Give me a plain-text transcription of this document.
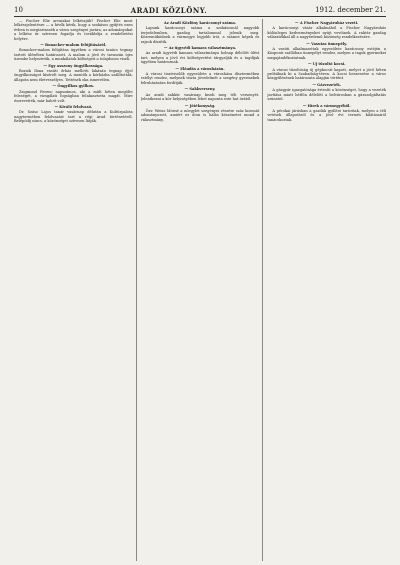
10	ARADI KÖZLÖNY.	1912. december 21.

— Fischer Elie arvaiakai lelkészjük? Fischer Elie most lelkészjelentésre — a hívők kérik, hogy a szokásos gyűjtés ezen évben is megtartassék a város szegényei javára, az adományokat a lelkész úr szívesen fogadja és továbbítja a rendeltetési helyére.

— Bonacker-malom felújításáról.

Bonacker-malom felújítása ügyében a városi tanács tegnap tartott ülésében határozott. A malom a jövő év tavaszán újra üzembe helyeztetik, a munkálatok költségeit a tulajdonos viseli.

— Egy asszony öngyilkossága.

Bozsik Ilona vasúti őrház melletti lakásán tegnap éjjel öngyilkosságot kísérelt meg. A mentők a kórházba szállították, állapota nem életveszélyes. Tettének oka ismeretlen.

— Öngyilkos gyilkos.

Zsigmond Ferenc napszámos, aki a múlt héten megölte feleségét, a vizsgálati fogságban felakasztotta magát. Mire észrevették, már halott volt.

— Kiváló felolvasó.

Dr. Szász Lajos tanár vasárnap délután a Kultúrpalota nagytermében felolvasást tart a régi Arad történetéről. Belépődíj nincs, a közönséget szívesen látják.

Az Aradi Közlöny karácsonyi száma.

Lapunk karácsonyi száma a szokásosnál nagyobb terjedelemben, gazdag tartalommal jelenik meg. Közreműködnek a vármegye legjobb írói, a számot képek és rajzok díszítik.

— Az ügyvédi kamara választmánya.

Az aradi ügyvédi kamara választmánya holnap délelőtt ülést tart, melyen a jövő évi költségvetést tárgyalják és a tagdíjak ügyében határoznak.

— Előadás a városházán.

A városi tisztviselők egyesülete a városháza dísztermében estélyt rendez, melynek tiszta jövedelmét a szegény gyermekek felruházására fordítják.

— Sakkverseny.

Az aradi sakkör vasárnap kezdi meg téli versenyét. Jelentkezni a kör helyiségében lehet naponta este hat órától.

— Jótékonyság.

Özv. Weisz Mórné a nőegylet szegényei részére száz koronát adományozott, amiért ez úton is hálás köszönetet mond a választmány.

— A Fischer Nagyáruház vezeti.

A karácsonyi vásár alkalmából a Fischer Nagyáruház különleges kedvezményeket nyújt vevőinek. A raktár gazdag választékkal áll a nagyérdemű közönség rendelkezésére.

— Vasutas ünnepély.

A vasúti alkalmazottak egyesülete karácsony estéjén a Központi szállóban ünnepélyt rendez, melyen a tagok gyermekei megajándékoztatnak.

— Uj tűzoltó kocsi.

A városi tűzoltóság új gépkocsit kapott, melyet a jövő héten próbálnak ki a Szabadság-téren. A kocsi beszerzése a város közgyűlésének határozata alapján történt.

— Gázvezeték.

A gázgyár igazgatósága értesíti a közönséget, hogy a vezeték javítása miatt hétfőn délelőtt a belvárosban a gázszolgáltatás szünetel.

— Hírek a vármegyéből.

A pécskai járásban a gazdák gyűlést tartottak, melyen a téli vetések állapotáról és a jövő évi termés kilátásairól tanácskoztak.
